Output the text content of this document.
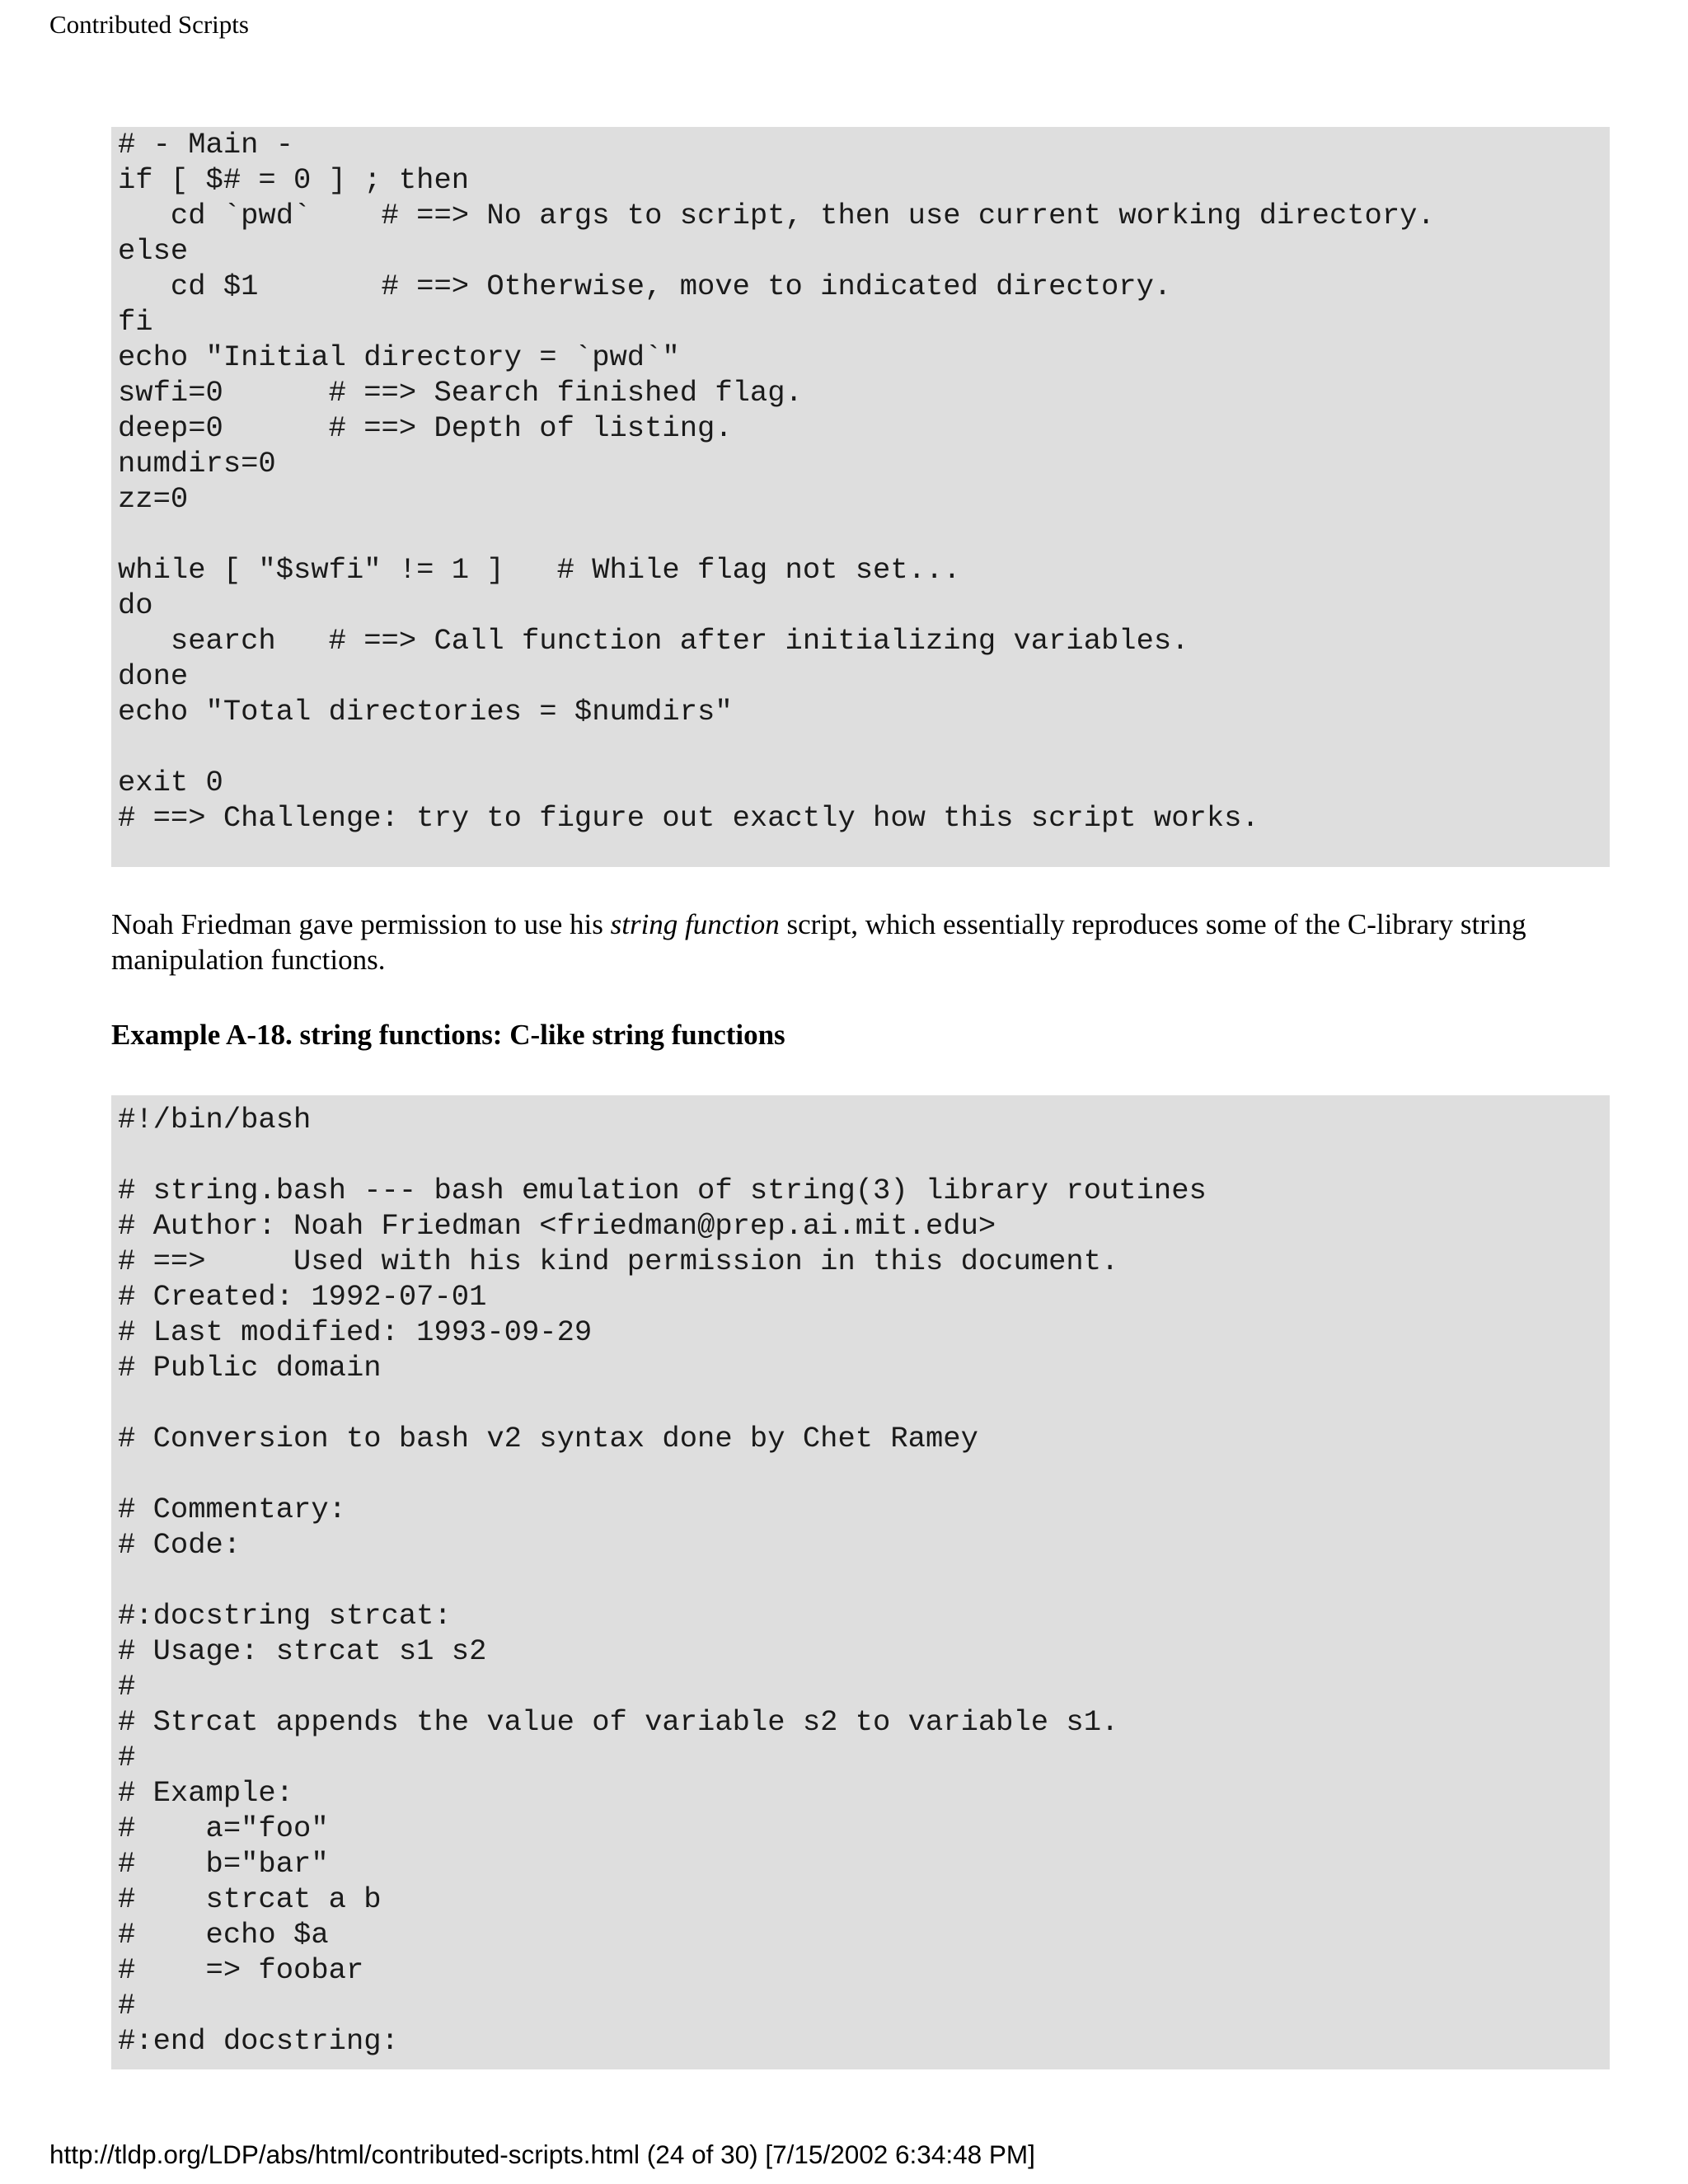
Contributed Scripts

# - Main -
if [ $# = 0 ] ; then
cd `pwd`    # ==> No args to script, then use current working directory.
else
cd $1       # ==> Otherwise, move to indicated directory.
fi
echo "Initial directory = `pwd`"
swfi=0      # ==> Search finished flag.
deep=0      # ==> Depth of listing.
numdirs=0
zz=0

while [ "$swfi" != 1 ]   # While flag not set...
do
search   # ==> Call function after initializing variables.
done
echo "Total directories = $numdirs"

exit 0
# ==> Challenge: try to figure out exactly how this script works.

Noah Friedman gave permission to use his string function script, which essentially reproduces some of the C-library string manipulation functions.

Example A-18. string functions: C-like string functions

#!/bin/bash

# string.bash --- bash emulation of string(3) library routines
# Author: Noah Friedman <friedman@prep.ai.mit.edu>
# ==>     Used with his kind permission in this document.
# Created: 1992-07-01
# Last modified: 1993-09-29
# Public domain

# Conversion to bash v2 syntax done by Chet Ramey

# Commentary:
# Code:

#:docstring strcat:
# Usage: strcat s1 s2
#
# Strcat appends the value of variable s2 to variable s1.
#
# Example:
#    a="foo"
#    b="bar"
#    strcat a b
#    echo $a
#    => foobar
#
#:end docstring:

http://tldp.org/LDP/abs/html/contributed-scripts.html (24 of 30) [7/15/2002 6:34:48 PM]
